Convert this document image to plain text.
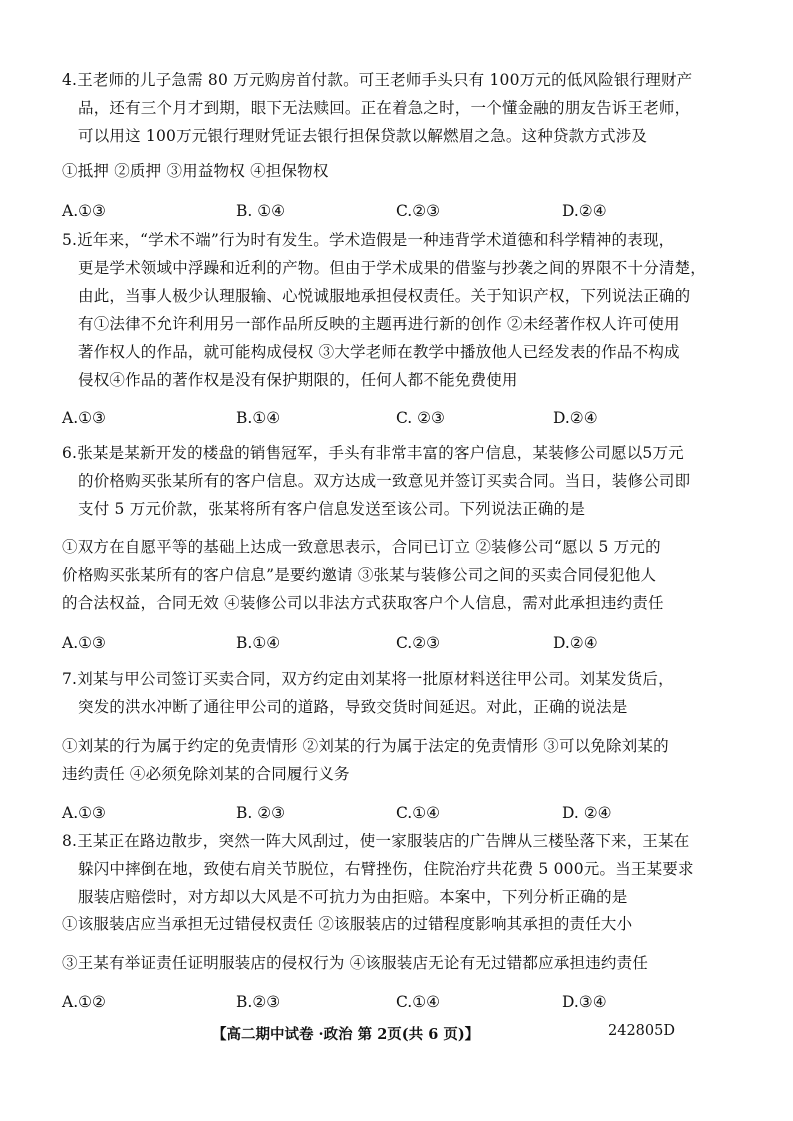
4.王老师的儿子急需 80 万元购房首付款。可王老师手头只有 100万元的低风险银行理财产
品，还有三个月才到期，眼下无法赎回。正在着急之时，一个懂金融的朋友告诉王老师，
可以用这 100万元银行理财凭证去银行担保贷款以解燃眉之急。这种贷款方式涉及
①抵押 ②质押 ③用益物权 ④担保物权
A.①③	B. ①④	C.②③	D.②④
5.近年来，“学术不端”行为时有发生。学术造假是一种违背学术道德和科学精神的表现，
更是学术领域中浮躁和近利的产物。但由于学术成果的借鉴与抄袭之间的界限不十分清楚，
由此，当事人极少认理服输、心悦诚服地承担侵权责任。关于知识产权，下列说法正确的
有①法律不允许利用另一部作品所反映的主题再进行新的创作 ②未经著作权人许可使用
著作权人的作品，就可能构成侵权 ③大学老师在教学中播放他人已经发表的作品不构成
侵权④作品的著作权是没有保护期限的，任何人都不能免费使用
A.①③	B.①④	C. ②③	D.②④
6.张某是某新开发的楼盘的销售冠军，手头有非常丰富的客户信息，某装修公司愿以5万元
的价格购买张某所有的客户信息。双方达成一致意见并签订买卖合同。当日，装修公司即
支付 5 万元价款，张某将所有客户信息发送至该公司。下列说法正确的是
①双方在自愿平等的基础上达成一致意思表示，合同已订立 ②装修公司“愿以 5 万元的
价格购买张某所有的客户信息”是要约邀请 ③张某与装修公司之间的买卖合同侵犯他人
的合法权益，合同无效 ④装修公司以非法方式获取客户个人信息，需对此承担违约责任
A.①③	B.①④	C.②③	D.②④
7.刘某与甲公司签订买卖合同，双方约定由刘某将一批原材料送往甲公司。刘某发货后，
突发的洪水冲断了通往甲公司的道路，导致交货时间延迟。对此，正确的说法是
①刘某的行为属于约定的免责情形 ②刘某的行为属于法定的免责情形 ③可以免除刘某的
违约责任 ④必须免除刘某的合同履行义务
A.①③	B. ②③	C.①④	D. ②④
8.王某正在路边散步，突然一阵大风刮过，使一家服装店的广告牌从三楼坠落下来，王某在
躲闪中摔倒在地，致使右肩关节脱位，右臂挫伤，住院治疗共花费 5 000元。当王某要求
服装店赔偿时，对方却以大风是不可抗力为由拒赔。本案中，下列分析正确的是
①该服装店应当承担无过错侵权责任 ②该服装店的过错程度影响其承担的责任大小
③王某有举证责任证明服装店的侵权行为 ④该服装店无论有无过错都应承担违约责任
A.①②	B.②③	C.①④	D.③④
【高二期中试卷 ·政治 第 2页(共 6 页)】	242805D
